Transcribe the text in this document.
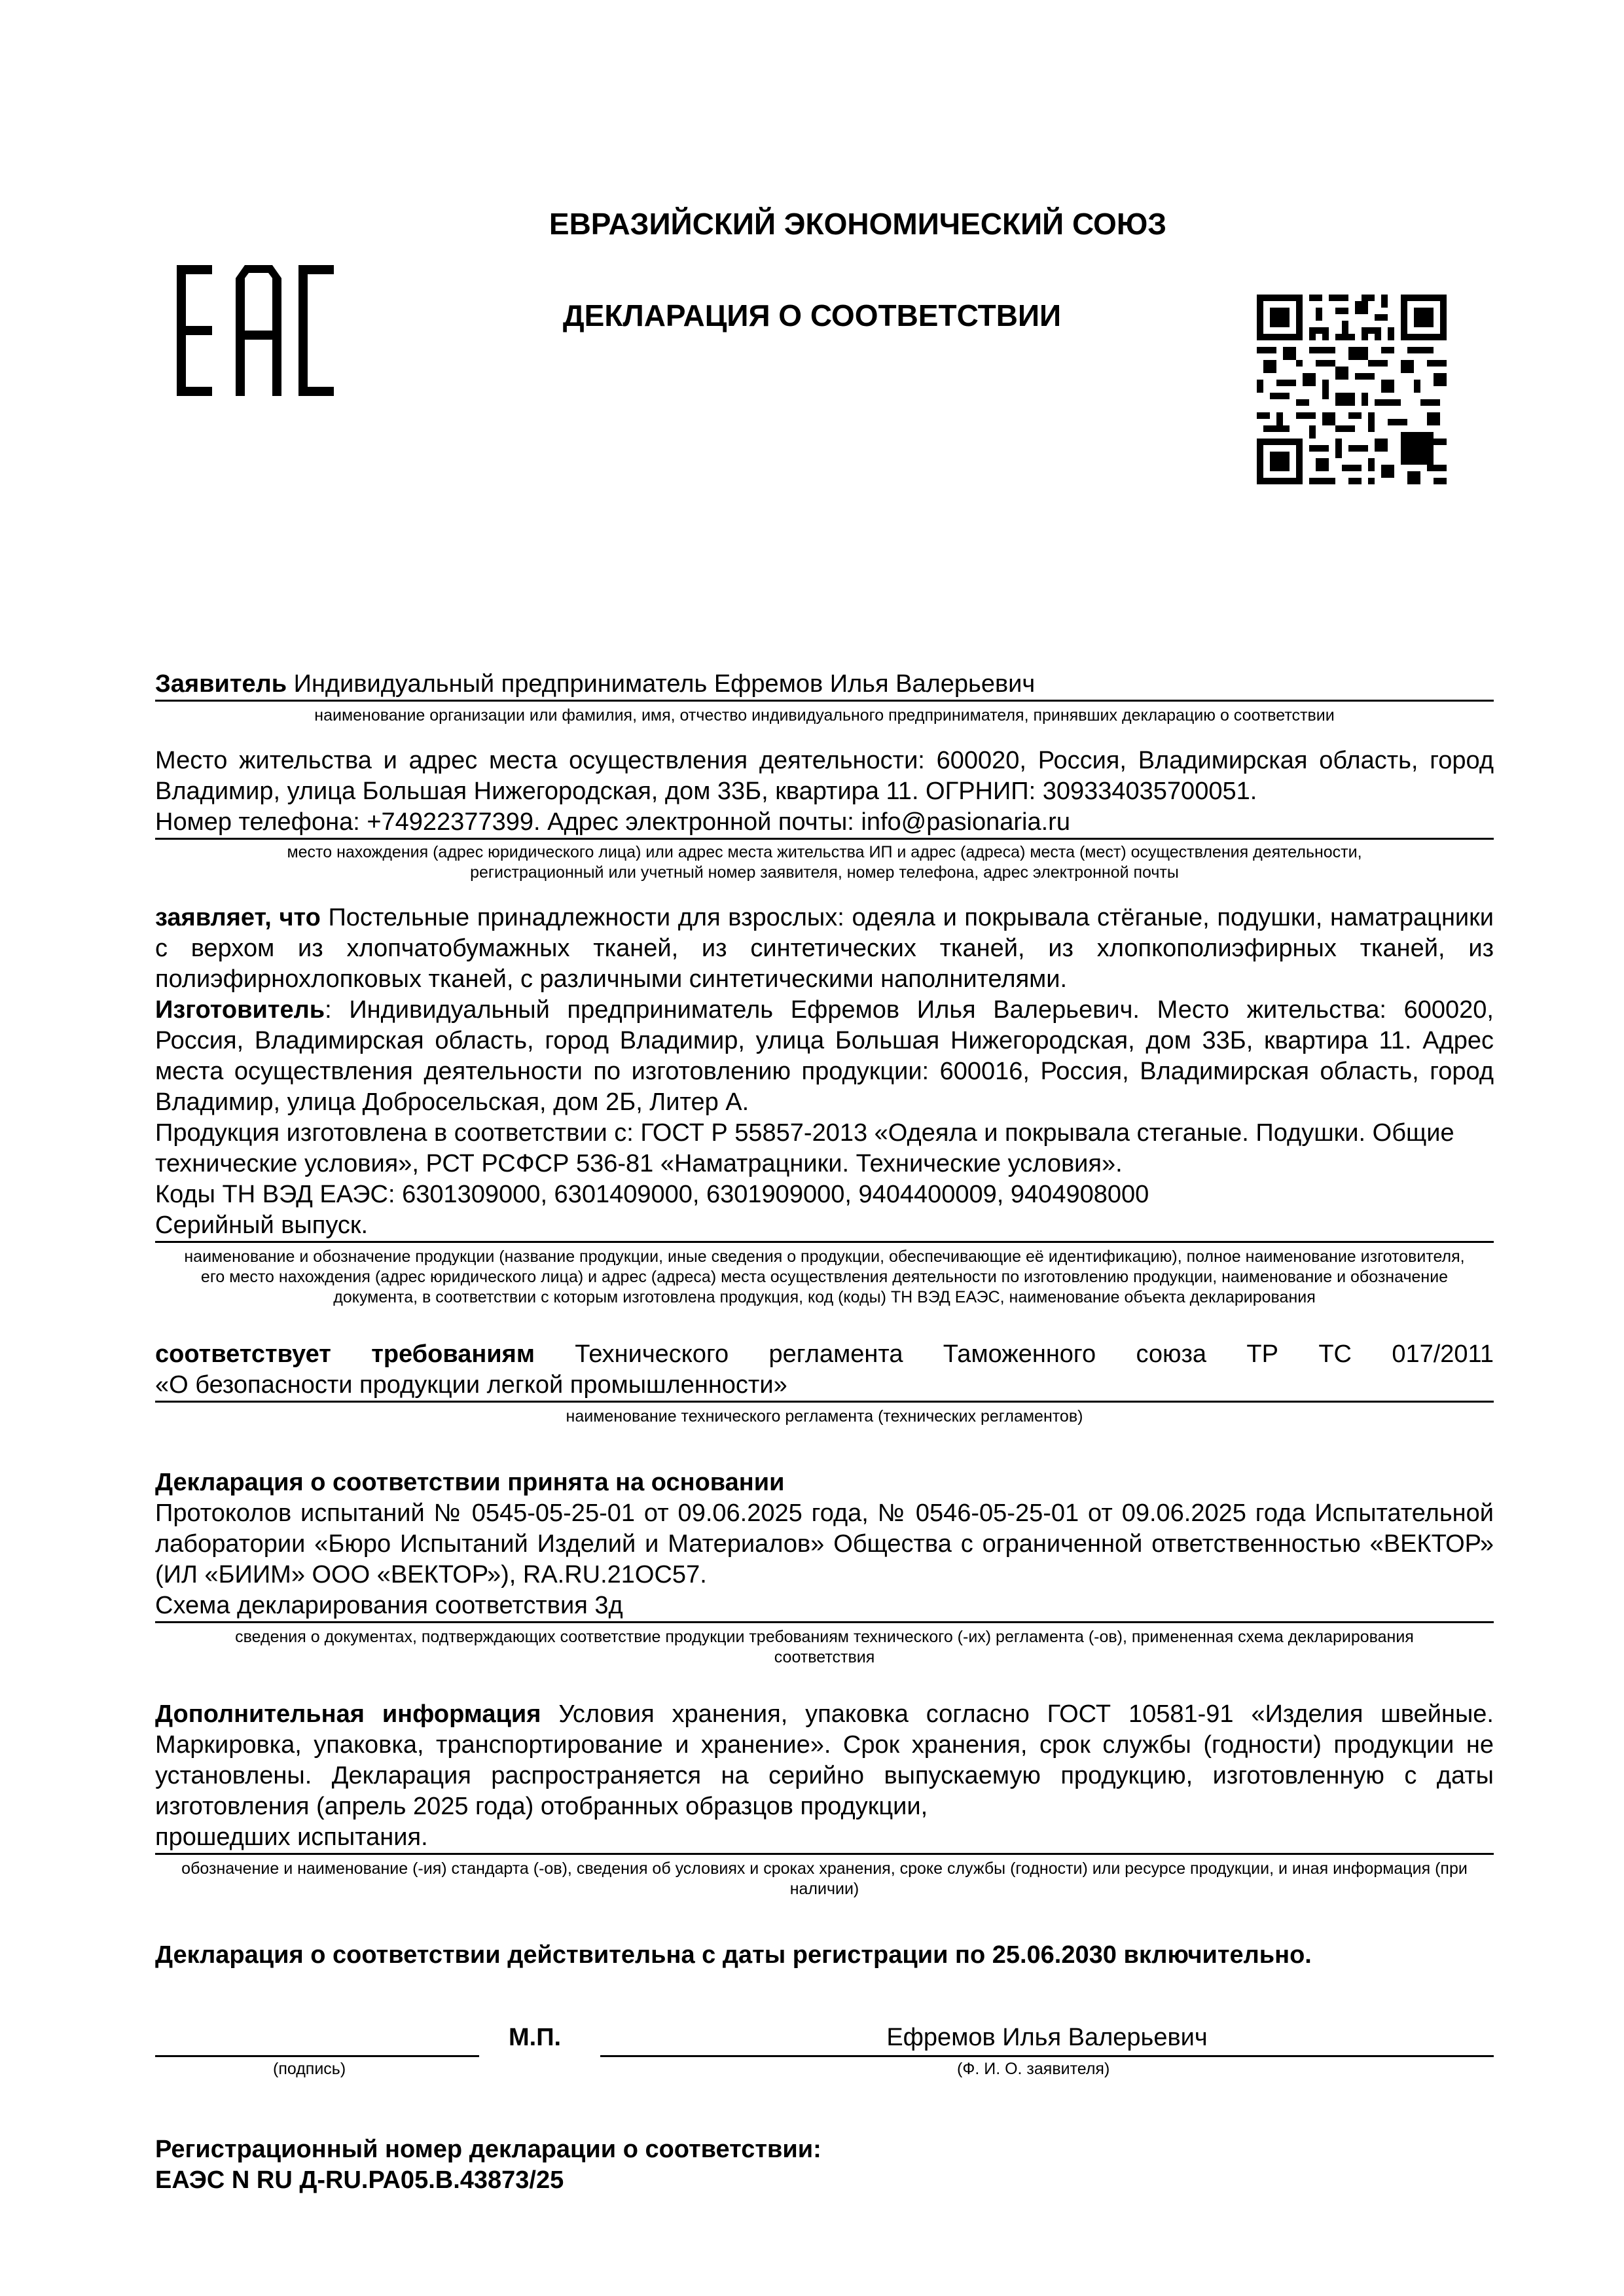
ЕВРАЗИЙСКИЙ ЭКОНОМИЧЕСКИЙ СОЮЗ
ДЕКЛАРАЦИЯ О СООТВЕТСТВИИ
Заявитель Индивидуальный предприниматель Ефремов Илья Валерьевич
наименование организации или фамилия, имя, отчество индивидуального предпринимателя, принявших декларацию о соответствии
Место жительства и адрес места осуществления деятельности: 600020, Россия, Владимирская область, город Владимир, улица Большая Нижегородская, дом 33Б, квартира 11. ОГРНИП: 309334035700051.
Номер телефона: +74922377399. Адрес электронной почты: info@pasionaria.ru
место нахождения (адрес юридического лица) или адрес места жительства ИП и адрес (адреса) места (мест) осуществления деятельности,
регистрационный или учетный номер заявителя, номер телефона, адрес электронной почты
заявляет, что Постельные принадлежности для взрослых: одеяла и покрывала стёганые, подушки, наматрацники с верхом из хлопчатобумажных тканей, из синтетических тканей, из хлопкополиэфирных тканей, из полиэфирнохлопковых тканей, с различными синтетическими наполнителями.
Изготовитель: Индивидуальный предприниматель Ефремов Илья Валерьевич. Место жительства: 600020, Россия, Владимирская область, город Владимир, улица Большая Нижегородская, дом 33Б, квартира 11. Адрес места осуществления деятельности по изготовлению продукции: 600016, Россия, Владимирская область, город Владимир, улица Добросельская, дом 2Б, Литер А.
Продукция изготовлена в соответствии с: ГОСТ Р 55857-2013 «Одеяла и покрывала стеганые. Подушки. Общие технические условия», РСТ РСФСР 536-81 «Наматрацники. Технические условия».
Коды ТН ВЭД ЕАЭС: 6301309000, 6301409000, 6301909000, 9404400009, 9404908000
Серийный выпуск.
наименование и обозначение продукции (название продукции, иные сведения о продукции, обеспечивающие её идентификацию), полное наименование изготовителя, его место нахождения (адрес юридического лица) и адрес (адреса) места осуществления деятельности по изготовлению продукции, наименование и обозначение документа, в соответствии с которым изготовлена продукция, код (коды) ТН ВЭД ЕАЭС, наименование объекта декларирования
соответствует требованиям Технического регламента Таможенного союза ТР ТС 017/2011
«О безопасности продукции легкой промышленности»
наименование технического регламента (технических регламентов)
Декларация о соответствии принята на основании
Протоколов испытаний № 0545-05-25-01 от 09.06.2025 года, № 0546-05-25-01 от 09.06.2025 года Испытательной лаборатории «Бюро Испытаний Изделий и Материалов» Общества с ограниченной ответственностью «ВЕКТОР» (ИЛ «БИИМ» ООО «ВЕКТОР»), RA.RU.21ОС57.
Схема декларирования соответствия 3д
сведения о документах, подтверждающих соответствие продукции требованиям технического (-их) регламента (-ов), примененная схема декларирования соответствия
Дополнительная информация Условия хранения, упаковка согласно ГОСТ 10581-91 «Изделия швейные. Маркировка, упаковка, транспортирование и хранение». Срок хранения, срок службы (годности) продукции не установлены. Декларация распространяется на серийно выпускаемую продукцию, изготовленную с даты изготовления (апрель 2025 года) отобранных образцов продукции,
прошедших испытания.
обозначение и наименование (-ия) стандарта (-ов), сведения об условиях и сроках хранения, сроке службы (годности) или ресурсе продукции, и иная информация (при наличии)
Декларация о соответствии действительна с даты регистрации по 25.06.2030 включительно.
М.П.	Ефремов Илья Валерьевич
(подпись)	(Ф. И. О. заявителя)
Регистрационный номер декларации о соответствии:
ЕАЭС N RU Д-RU.РА05.В.43873/25
